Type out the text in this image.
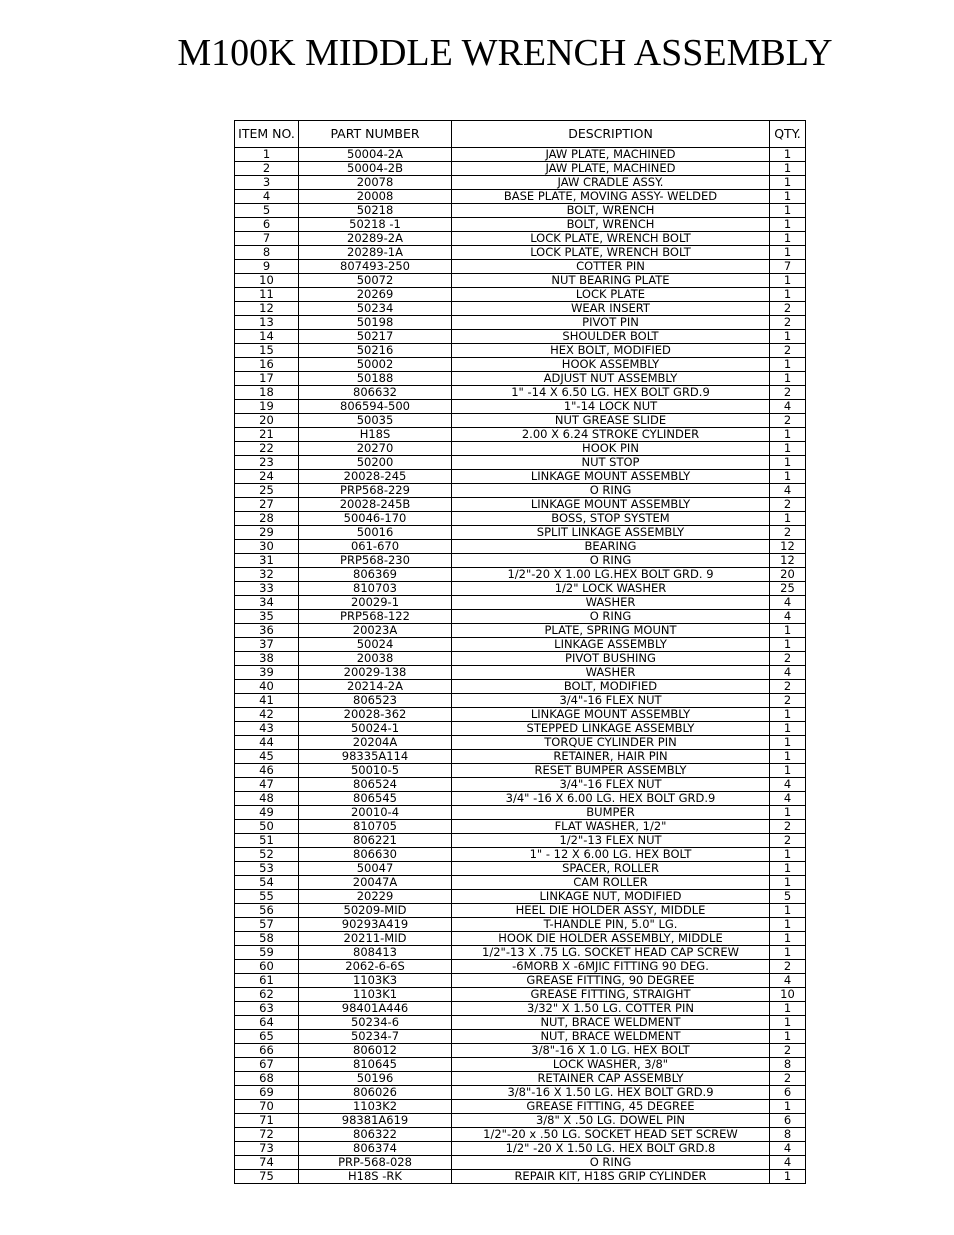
M100K MIDDLE WRENCH ASSEMBLY
ITEM NO.	PART NUMBER	DESCRIPTION	QTY.
1	50004-2A	JAW PLATE, MACHINED	1
2	50004-2B	JAW PLATE, MACHINED	1
3	20078	JAW CRADLE ASSY.	1
4	20008	BASE PLATE, MOVING ASSY- WELDED	1
5	50218	BOLT, WRENCH	1
6	50218 -1	BOLT, WRENCH	1
7	20289-2A	LOCK PLATE, WRENCH BOLT	1
8	20289-1A	LOCK PLATE, WRENCH BOLT	1
9	807493-250	COTTER PIN	7
10	50072	NUT BEARING PLATE	1
11	20269	LOCK PLATE	1
12	50234	WEAR INSERT	2
13	50198	PIVOT PIN	2
14	50217	SHOULDER BOLT	1
15	50216	HEX BOLT, MODIFIED	2
16	50002	HOOK ASSEMBLY	1
17	50188	ADJUST NUT ASSEMBLY	1
18	806632	1" -14 X 6.50 LG. HEX BOLT GRD.9	2
19	806594-500	1"-14 LOCK NUT	4
20	50035	NUT GREASE SLIDE	2
21	H18S	2.00 X 6.24 STROKE CYLINDER	1
22	20270	HOOK PIN	1
23	50200	NUT STOP	1
24	20028-245	LINKAGE MOUNT ASSEMBLY	1
25	PRP568-229	O RING	4
27	20028-245B	LINKAGE MOUNT ASSEMBLY	2
28	50046-170	BOSS, STOP SYSTEM	1
29	50016	SPLIT LINKAGE ASSEMBLY	2
30	061-670	BEARING	12
31	PRP568-230	O RING	12
32	806369	1/2"-20 X 1.00 LG.HEX BOLT GRD. 9	20
33	810703	1/2" LOCK WASHER	25
34	20029-1	WASHER	4
35	PRP568-122	O RING	4
36	20023A	PLATE, SPRING MOUNT	1
37	50024	LINKAGE ASSEMBLY	1
38	20038	PIVOT BUSHING	2
39	20029-138	WASHER	4
40	20214-2A	BOLT, MODIFIED	2
41	806523	3/4"-16 FLEX NUT	2
42	20028-362	LINKAGE MOUNT ASSEMBLY	1
43	50024-1	STEPPED LINKAGE ASSEMBLY	1
44	20204A	TORQUE CYLINDER PIN	1
45	98335A114	RETAINER, HAIR PIN	1
46	50010-5	RESET BUMPER ASSEMBLY	1
47	806524	3/4"-16 FLEX NUT	4
48	806545	3/4" -16 X 6.00 LG. HEX BOLT GRD.9	4
49	20010-4	BUMPER	1
50	810705	FLAT WASHER, 1/2"	2
51	806221	1/2"-13 FLEX NUT	2
52	806630	1" - 12 X 6.00 LG. HEX BOLT	1
53	50047	SPACER, ROLLER	1
54	20047A	CAM ROLLER	1
55	20229	LINKAGE NUT, MODIFIED	5
56	50209-MID	HEEL DIE HOLDER ASSY, MIDDLE	1
57	90293A419	T-HANDLE PIN, 5.0" LG.	1
58	20211-MID	HOOK DIE HOLDER ASSEMBLY, MIDDLE	1
59	808413	1/2"-13 X .75 LG. SOCKET HEAD CAP SCREW	1
60	2062-6-6S	-6MORB X -6MJIC FITTING 90 DEG.	2
61	1103K3	GREASE FITTING, 90 DEGREE	4
62	1103K1	GREASE FITTING, STRAIGHT	10
63	98401A446	3/32" X 1.50 LG. COTTER PIN	1
64	50234-6	NUT, BRACE WELDMENT	1
65	50234-7	NUT, BRACE WELDMENT	1
66	806012	3/8"-16 X 1.0 LG. HEX BOLT	2
67	810645	LOCK WASHER, 3/8"	8
68	50196	RETAINER CAP ASSEMBLY	2
69	806026	3/8"-16 X 1.50 LG. HEX BOLT GRD.9	6
70	1103K2	GREASE FITTING, 45 DEGREE	1
71	98381A619	3/8" X .50 LG. DOWEL PIN	6
72	806322	1/2"-20 x .50 LG. SOCKET HEAD SET SCREW	8
73	806374	1/2" -20 X 1.50 LG. HEX BOLT GRD.8	4
74	PRP-568-028	O RING	4
75	H18S -RK	REPAIR KIT, H18S GRIP CYLINDER	1
